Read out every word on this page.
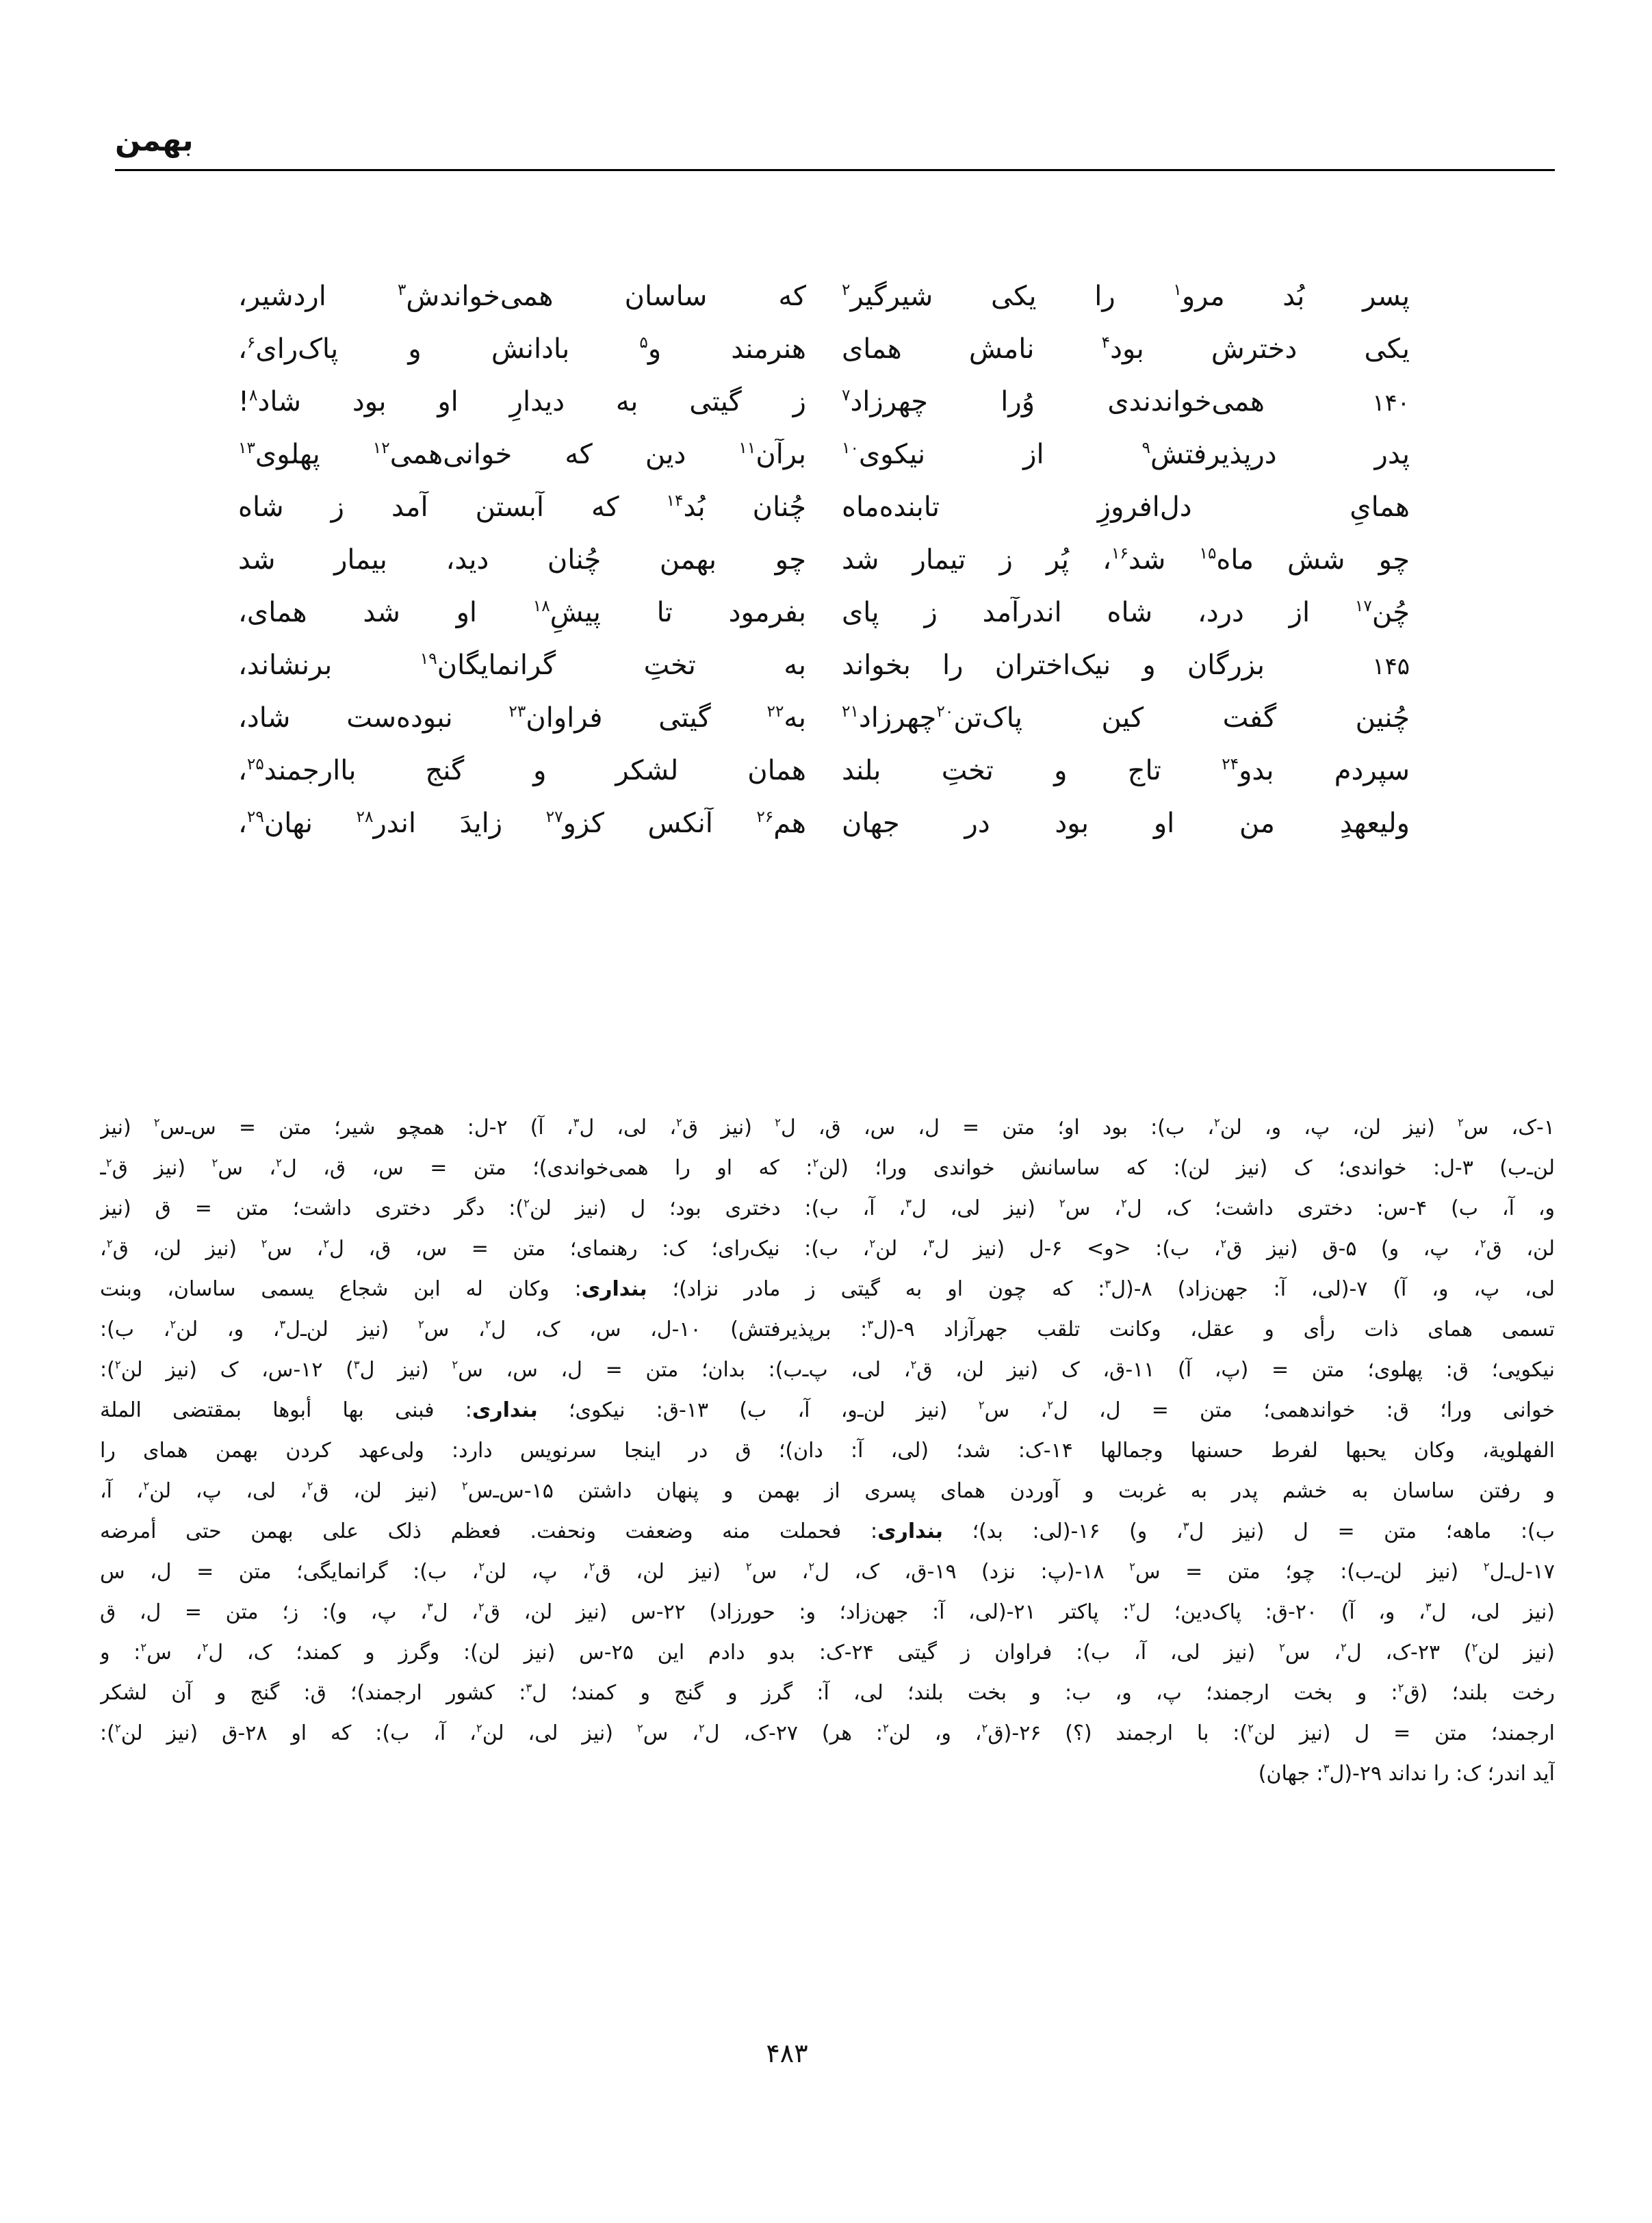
بهمن
پسر بُد مرو$^۱$ را یکی شیرگیر$^۲$
که ساسان همی‌خواندش$^۳$ اردشیر،
یکی دخترش بود$^۴$ نامش همای
هنرمند و$^۵$ بادانش و پاک‌رای$^۶$،
۱۴۰
همی‌خواندندی وُرا چهرزاد$^۷$
ز گیتی به دیدارِ او بود شاد$^۸$!
پدر درپذیرفتش$^۹$ از نیکوی$^{۱۰}$
برآن$^{۱۱}$ دین که خوانی‌همی$^{۱۲}$ پهلوی$^{۱۳}$
همایِ دل‌افروزِ تابنده‌ماه
چُنان بُد$^{۱۴}$ که آبستن آمد ز شاه
چو شش ماه$^{۱۵}$ شد$^{۱۶}$، پُر ز تیمار شد
چو بهمن چُنان دید، بیمار شد
چُن$^{۱۷}$ از درد، شاه اندرآمد ز پای
بفرمود تا پیشِ$^{۱۸}$ او شد همای،
۱۴۵
بزرگان و نیک‌اختران را بخواند
به تختِ گرانمایگان$^{۱۹}$ برنشاند،
چُنین گفت کین پاک‌تن$^{۲۰}$چهرزاد$^{۲۱}$
به$^{۲۲}$ گیتی فراوان$^{۲۳}$ نبوده‌ست شاد،
سپردم بدو$^{۲۴}$ تاج و تختِ بلند
همان لشکر و گنج باارجمند$^{۲۵}$،
ولیعهدِ من او بود در جهان
هم$^{۲۶}$ آنکس کزو$^{۲۷}$ زایدَ اندر$^{۲۸}$ نهان$^{۲۹}$،
۱-ک، س$^۲$ (نیز لن، پ، و، لن$^۲$، ب): بود او؛ متن = ل، س، ق، ل$^۲$ (نیز ق$^۲$، لی، ل$^۳$، آ) ۲-ل: همچو شیر؛ متن = س‌ـ‌س$^۲$ (نیز
لن‌ـ‌ب) ۳-ل: خواندی؛ ک (نیز لن): که ساسانش خواندی ورا؛ (لن$^۲$: که او را همی‌خواندی)؛ متن = س، ق، ل$^۲$، س$^۲$ (نیز ق$^۲$ـ
و، آ، ب) ۴-س: دختری داشت؛ ک، ل$^۲$، س$^۲$ (نیز لی، ل$^۳$، آ، ب): دختری بود؛ ل (نیز لن$^۲$): دگر دختری داشت؛ متن = ق (نیز
لن، ق$^۲$، پ، و) ۵-ق (نیز ق$^۲$، ب): <و> ۶-ل (نیز ل$^۳$، لن$^۲$، ب): نیک‌رای؛ ک: رهنمای؛ متن = س، ق، ل$^۲$، س$^۲$ (نیز لن، ق$^۲$،
لی، پ، و، آ) ۷-(لی، آ: جهن‌زاد) ۸-(ل$^۳$: که چون او به گیتی ز مادر نزاد)؛ بنداری: وکان له ابن شجاع یسمی ساسان، وبنت
تسمی همای ذات رأی و عقل، وکانت تلقب جهرآزاد ۹-(ل$^۳$: برپذیرفتش) ۱۰-ل، س، ک، ل$^۲$، س$^۲$ (نیز لن‌ـ‌ل$^۳$، و، لن$^۲$، ب):
نیکویی؛ ق: پهلوی؛ متن = (پ، آ) ۱۱-ق، ک (نیز لن، ق$^۲$، لی، پ‌ـ‌ب): بدان؛ متن = ل، س، س$^۲$ (نیز ل$^۳$) ۱۲-س، ک (نیز لن$^۲$):
خوانی ورا؛ ق: خواندهمی؛ متن = ل، ل$^۲$، س$^۲$ (نیز لن‌ـ‌و، آ، ب) ۱۳-ق: نیکوی؛ بنداری: فبنی بها أبوها بمقتضی الملة
الفهلویة، وکان یحبها لفرط حسنها وجمالها ۱۴-ک: شد؛ (لی، آ: دان)؛ ق در اینجا سرنویس دارد: ولی‌عهد کردن بهمن همای را
و رفتن ساسان به خشم پدر به غربت و آوردن همای پسری از بهمن و پنهان داشتن ۱۵-س‌ـ‌س$^۲$ (نیز لن، ق$^۲$، لی، پ، لن$^۲$، آ،
ب): ماهه؛ متن = ل (نیز ل$^۳$، و) ۱۶-(لی: بد)؛ بنداری: فحملت منه وضعفت ونحفت. فعظم ذلک علی بهمن حتی أمرضه
۱۷-ل‌ـ‌ل$^۲$ (نیز لن‌ـ‌ب): چو؛ متن = س$^۲$ ۱۸-(پ: نزد) ۱۹-ق، ک، ل$^۲$، س$^۲$ (نیز لن، ق$^۲$، پ، لن$^۲$، ب): گرانمایگی؛ متن = ل، س
(نیز لی، ل$^۳$، و، آ) ۲۰-ق: پاک‌دین؛ ل$^۲$: پاکتر ۲۱-(لی، آ: جهن‌زاد؛ و: حورزاد) ۲۲-س (نیز لن، ق$^۲$، ل$^۳$، پ، و): ز؛ متن = ل، ق
(نیز لن$^۲$) ۲۳-ک، ل$^۲$، س$^۲$ (نیز لی، آ، ب): فراوان ز گیتی ۲۴-ک: بدو دادم این ۲۵-س (نیز لن): وگرز و کمند؛ ک، ل$^۲$، س$^۲$: و
رخت بلند؛ (ق$^۲$: و بخت ارجمند؛ پ، و، ب: و بخت بلند؛ لی، آ: گرز و گنج و کمند؛ ل$^۳$: کشور ارجمند)؛ ق: گنج و آن لشکر
ارجمند؛ متن = ل (نیز لن$^۲$): با ارجمند (؟) ۲۶-(ق$^۲$، و، لن$^۲$: هر) ۲۷-ک، ل$^۲$، س$^۲$ (نیز لی، لن$^۲$، آ، ب): که او ۲۸-ق (نیز لن$^۲$):
آید اندر؛ ک: را نداند ۲۹-(ل$^۳$: جهان)
۴۸۳
